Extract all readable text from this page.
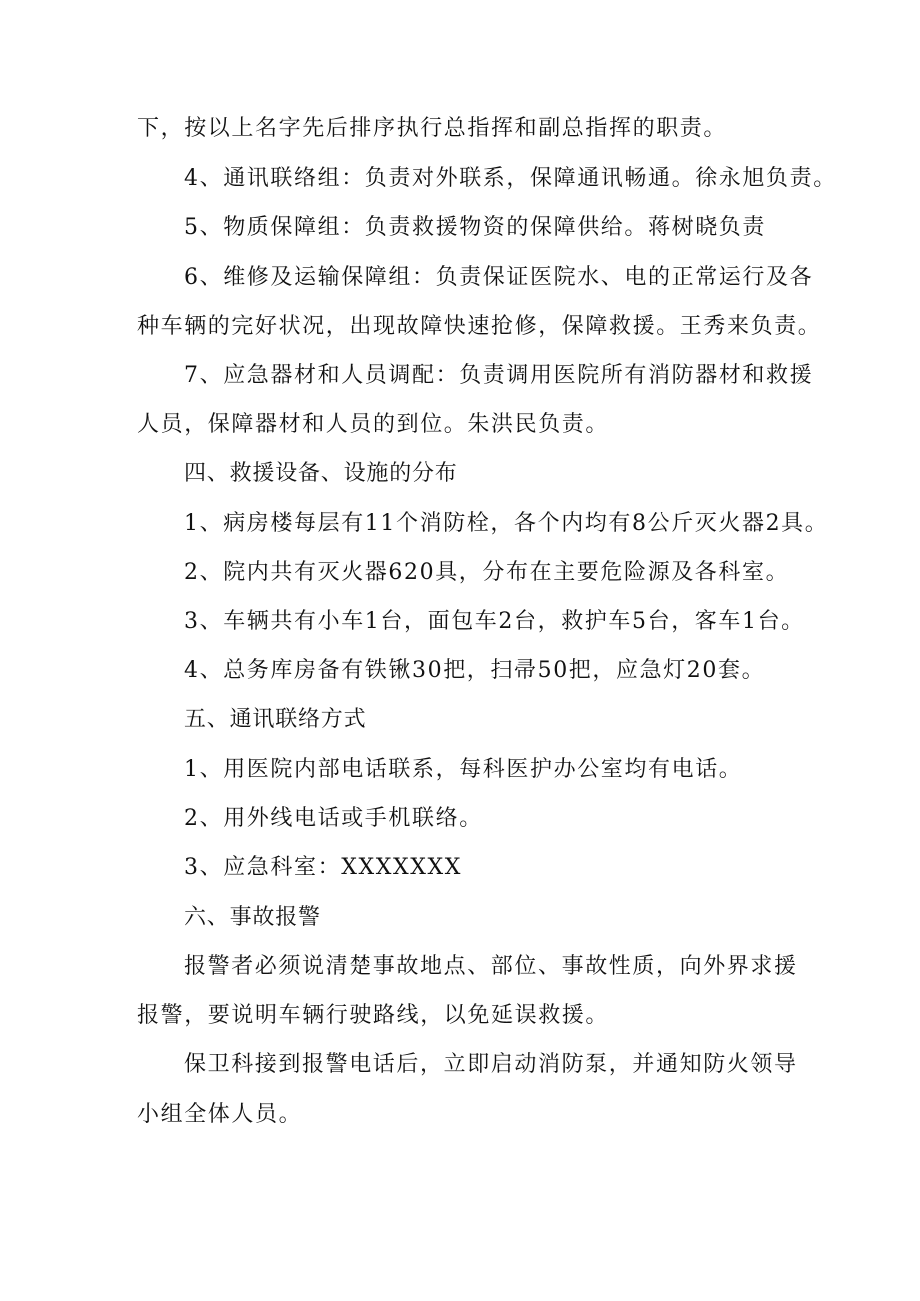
下，按以上名字先后排序执行总指挥和副总指挥的职责。
4、通讯联络组：负责对外联系，保障通讯畅通。徐永旭负责。
5、物质保障组：负责救援物资的保障供给。蒋树晓负责
6、维修及运输保障组：负责保证医院水、电的正常运行及各
种车辆的完好状况，出现故障快速抢修，保障救援。王秀来负责。
7、应急器材和人员调配：负责调用医院所有消防器材和救援
人员，保障器材和人员的到位。朱洪民负责。
四、救援设备、设施的分布
1、病房楼每层有11个消防栓，各个内均有8公斤灭火器2具。
2、院内共有灭火器620具，分布在主要危险源及各科室。
3、车辆共有小车1台，面包车2台，救护车5台，客车1台。
4、总务库房备有铁锹30把，扫帚50把，应急灯20套。
五、通讯联络方式
1、用医院内部电话联系，每科医护办公室均有电话。
2、用外线电话或手机联络。
3、应急科室：XXXXXXX
六、事故报警
报警者必须说清楚事故地点、部位、事故性质，向外界求援
报警，要说明车辆行驶路线，以免延误救援。
保卫科接到报警电话后，立即启动消防泵，并通知防火领导
小组全体人员。
